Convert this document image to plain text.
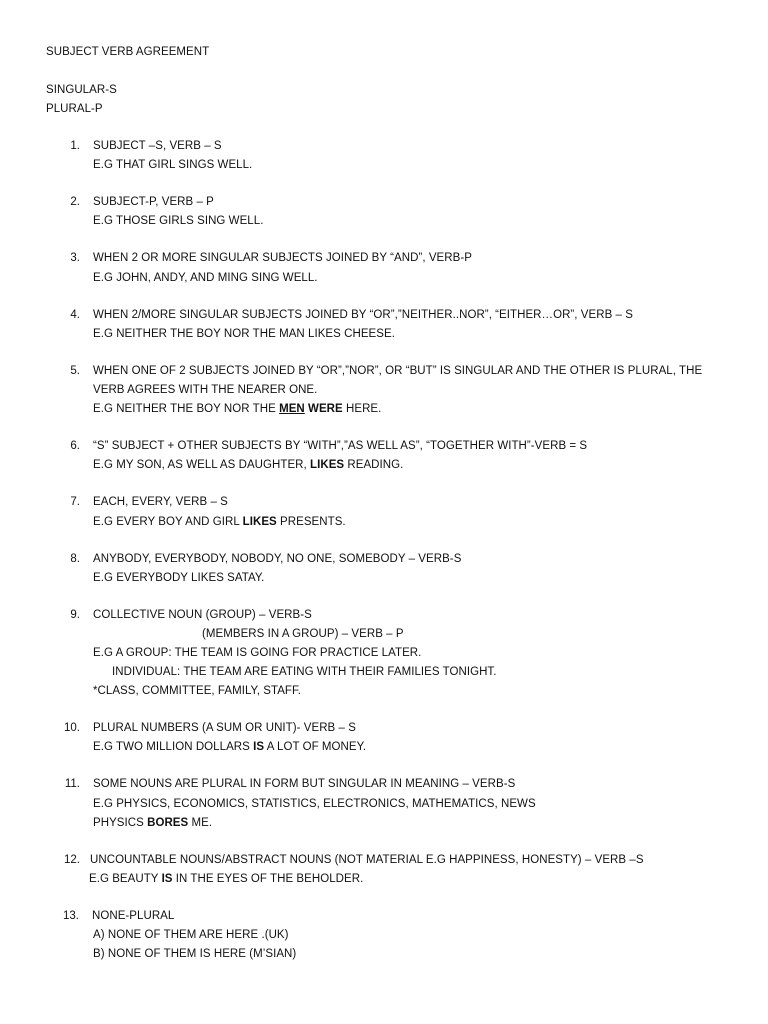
SUBJECT VERB AGREEMENT
SINGULAR-S
PLURAL-P
1. SUBJECT –S, VERB – S
E.G THAT GIRL SINGS WELL.
2. SUBJECT-P, VERB – P
E.G THOSE GIRLS SING WELL.
3. WHEN 2 OR MORE SINGULAR SUBJECTS JOINED BY “AND”, VERB-P
E.G JOHN, ANDY, AND MING SING WELL.
4. WHEN 2/MORE SINGULAR SUBJECTS JOINED BY “OR”,”NEITHER..NOR”, “EITHER…OR”, VERB – S
E.G NEITHER THE BOY NOR THE MAN LIKES CHEESE.
5. WHEN ONE OF 2 SUBJECTS JOINED BY “OR”,”NOR”, OR “BUT” IS SINGULAR AND THE OTHER IS PLURAL, THE
VERB AGREES WITH THE NEARER ONE.
E.G NEITHER THE BOY NOR THE MEN WERE HERE.
6. “S” SUBJECT + OTHER SUBJECTS BY “WITH”,”AS WELL AS”, “TOGETHER WITH”-VERB = S
E.G MY SON, AS WELL AS DAUGHTER, LIKES READING.
7. EACH, EVERY, VERB – S
E.G EVERY BOY AND GIRL LIKES PRESENTS.
8. ANYBODY, EVERYBODY, NOBODY, NO ONE, SOMEBODY – VERB-S
E.G EVERYBODY LIKES SATAY.
9. COLLECTIVE NOUN (GROUP) – VERB-S
(MEMBERS IN A GROUP) – VERB – P
E.G A GROUP: THE TEAM IS GOING FOR PRACTICE LATER.
INDIVIDUAL: THE TEAM ARE EATING WITH THEIR FAMILIES TONIGHT.
*CLASS, COMMITTEE, FAMILY, STAFF.
10. PLURAL NUMBERS (A SUM OR UNIT)- VERB – S
E.G TWO MILLION DOLLARS IS A LOT OF MONEY.
11. SOME NOUNS ARE PLURAL IN FORM BUT SINGULAR IN MEANING – VERB-S
E.G PHYSICS, ECONOMICS, STATISTICS, ELECTRONICS, MATHEMATICS, NEWS
PHYSICS BORES ME.
12. UNCOUNTABLE NOUNS/ABSTRACT NOUNS (NOT MATERIAL E.G HAPPINESS, HONESTY) – VERB –S
E.G BEAUTY IS IN THE EYES OF THE BEHOLDER.
13. NONE-PLURAL
A) NONE OF THEM ARE HERE .(UK)
B) NONE OF THEM IS HERE (M’SIAN)
